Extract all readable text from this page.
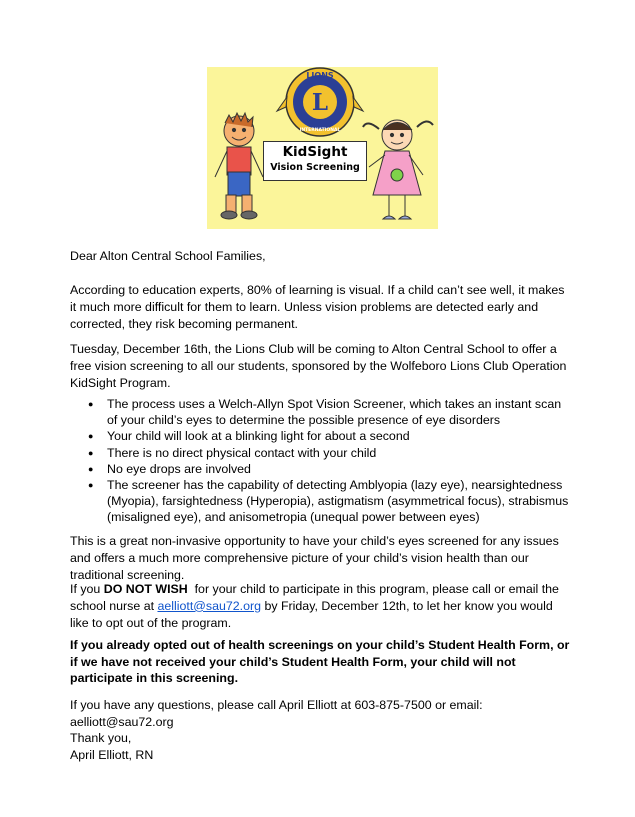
L
LIONS
INTERNATIONAL
KidSight
Vision Screening

Dear Alton Central School Families,

According to education experts, 80% of learning is visual. If a child can’t see well, it makes it much more difficult for them to learn. Unless vision problems are detected early and corrected, they risk becoming permanent.

Tuesday, December 16th, the Lions Club will be coming to Alton Central School to offer a free vision screening to all our students, sponsored by the Wolfeboro Lions Club Operation KidSight Program.

● The process uses a Welch-Allyn Spot Vision Screener, which takes an instant scan of your child’s eyes to determine the possible presence of eye disorders
● Your child will look at a blinking light for about a second
● There is no direct physical contact with your child
● No eye drops are involved
● The screener has the capability of detecting Amblyopia (lazy eye), nearsightedness (Myopia), farsightedness (Hyperopia), astigmatism (asymmetrical focus), strabismus (misaligned eye), and anisometropia (unequal power between eyes)

This is a great non-invasive opportunity to have your child’s eyes screened for any issues and offers a much more comprehensive picture of your child’s vision health than our traditional screening.

If you DO NOT WISH  for your child to participate in this program, please call or email the school nurse at aelliott@sau72.org by Friday, December 12th, to let her know you would like to opt out of the program.

If you already opted out of health screenings on your child’s Student Health Form, or if we have not received your child’s Student Health Form, your child will not participate in this screening.

If you have any questions, please call April Elliott at 603-875-7500 or email: aelliott@sau72.org

Thank you,

April Elliott, RN
